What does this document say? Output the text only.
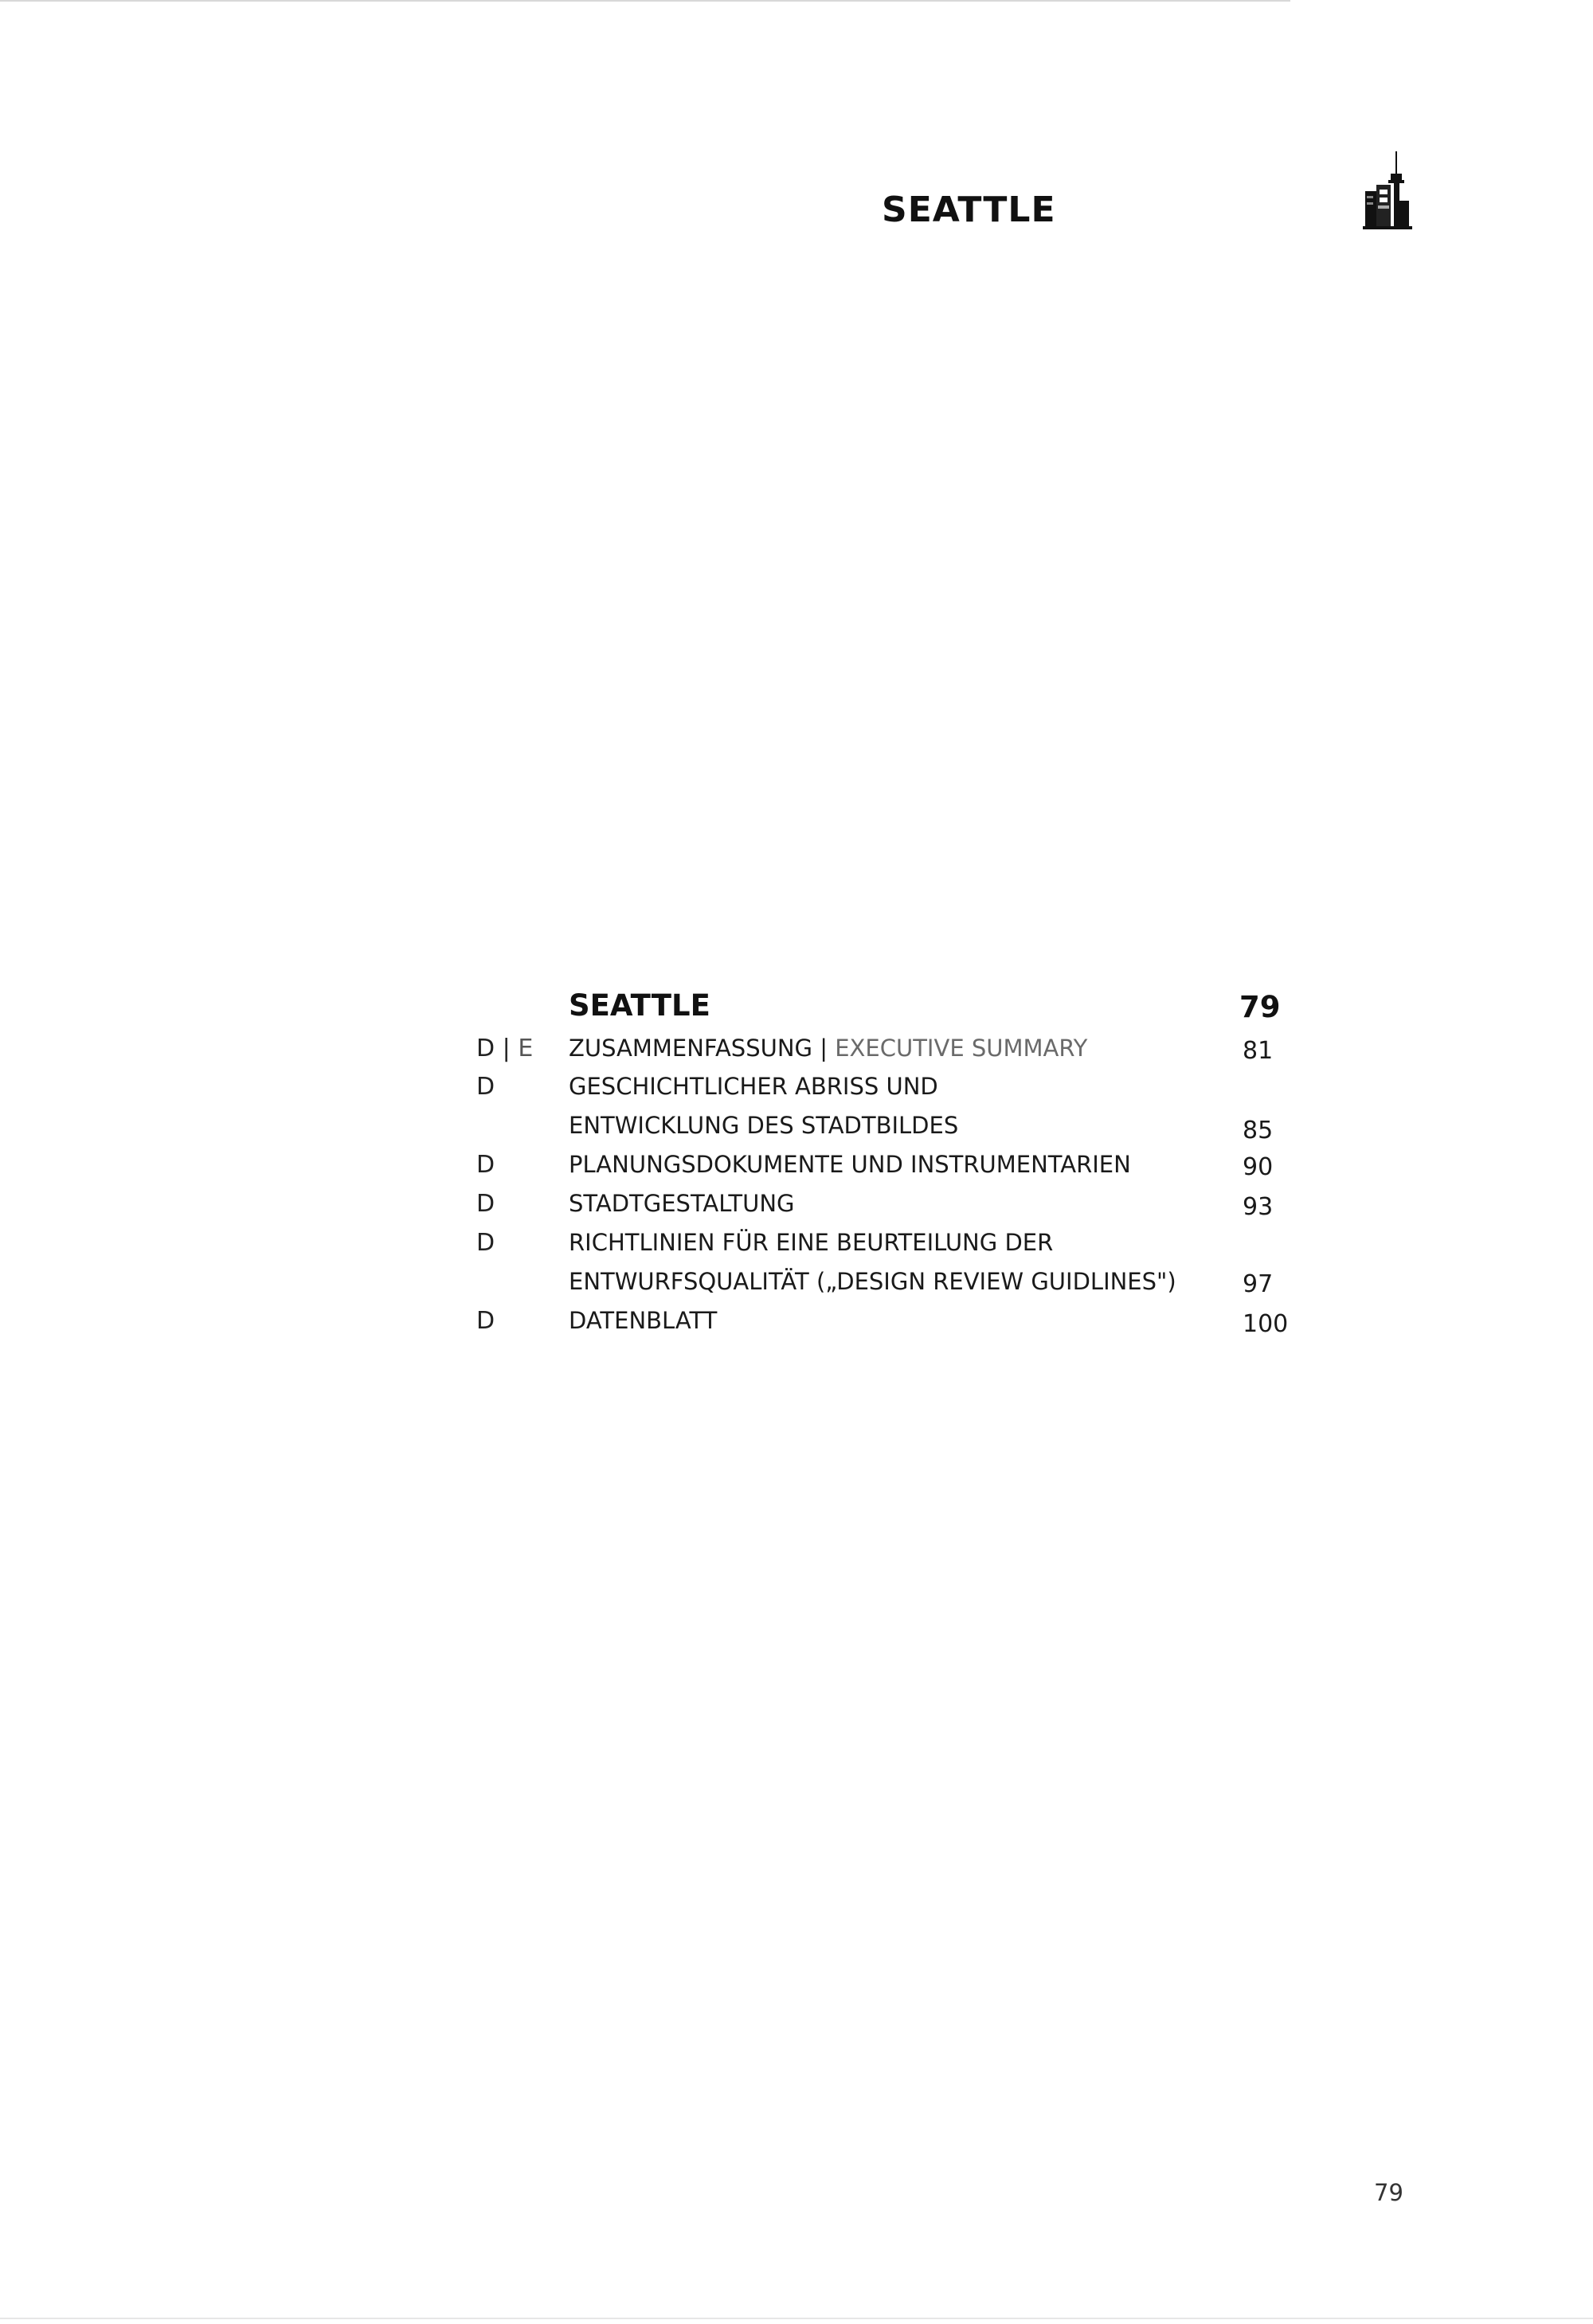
SEATTLE
SEATTLE	79
D | E ZUSAMMENFASSUNG | EXECUTIVE SUMMARY	81
D	GESCHICHTLICHER ABRISS UND
ENTWICKLUNG DES STADTBILDES	85
D	PLANUNGSDOKUMENTE UND INSTRUMENTARIEN	90
D	STADTGESTALTUNG	93
D	RICHTLINIEN FÜR EINE BEURTEILUNG DER
ENTWURFSQUALITÄT („DESIGN REVIEW GUIDLINES")	97
D	DATENBLATT	100
79
